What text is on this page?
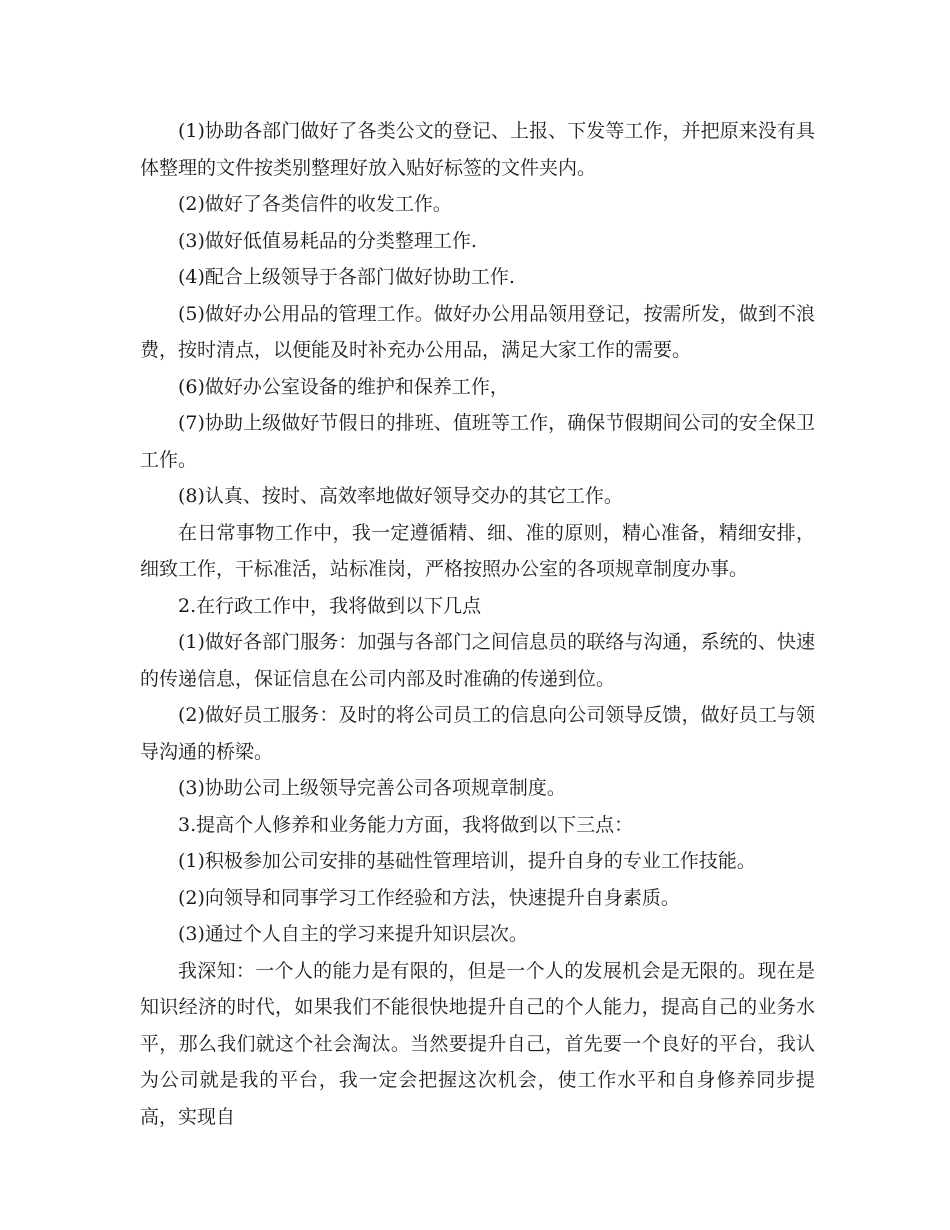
(1)协助各部门做好了各类公文的登记、上报、下发等工作，并把原来没有具体整理的文件按类别整理好放入贴好标签的文件夹内。

(2)做好了各类信件的收发工作。

(3)做好低值易耗品的分类整理工作.

(4)配合上级领导于各部门做好协助工作.

(5)做好办公用品的管理工作。做好办公用品领用登记，按需所发，做到不浪费，按时清点，以便能及时补充办公用品，满足大家工作的需要。

(6)做好办公室设备的维护和保养工作，

(7)协助上级做好节假日的排班、值班等工作，确保节假期间公司的安全保卫工作。

(8)认真、按时、高效率地做好领导交办的其它工作。

在日常事物工作中，我一定遵循精、细、准的原则，精心准备，精细安排，细致工作，干标准活，站标准岗，严格按照办公室的各项规章制度办事。

2.在行政工作中，我将做到以下几点

(1)做好各部门服务：加强与各部门之间信息员的联络与沟通，系统的、快速的传递信息，保证信息在公司内部及时准确的传递到位。

(2)做好员工服务：及时的将公司员工的信息向公司领导反馈，做好员工与领导沟通的桥梁。

(3)协助公司上级领导完善公司各项规章制度。

3.提高个人修养和业务能力方面，我将做到以下三点：

(1)积极参加公司安排的基础性管理培训，提升自身的专业工作技能。

(2)向领导和同事学习工作经验和方法，快速提升自身素质。

(3)通过个人自主的学习来提升知识层次。

我深知：一个人的能力是有限的，但是一个人的发展机会是无限的。现在是知识经济的时代，如果我们不能很快地提升自己的个人能力，提高自己的业务水平，那么我们就这个社会淘汰。当然要提升自己，首先要一个良好的平台，我认为公司就是我的平台，我一定会把握这次机会，使工作水平和自身修养同步提高，实现自
